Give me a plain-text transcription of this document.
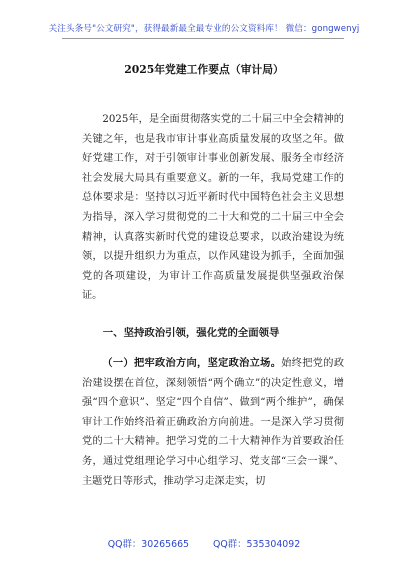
关注头条号"公文研究"，获得最新最全最专业的公文资料库！ 微信：gongwenyj
2025年党建工作要点（审计局）

2025年，是全面贯彻落实党的二十届三中全会精神的关键之年，也是我市审计事业高质量发展的攻坚之年。做好党建工作，对于引领审计事业创新发展、服务全市经济社会发展大局具有重要意义。新的一年，我局党建工作的总体要求是：坚持以习近平新时代中国特色社会主义思想为指导，深入学习贯彻党的二十大和党的二十届三中全会精神，认真落实新时代党的建设总要求，以政治建设为统领，以提升组织力为重点，以作风建设为抓手，全面加强党的各项建设，为审计工作高质量发展提供坚强政治保证。

一、坚持政治引领，强化党的全面领导

（一）把牢政治方向，坚定政治立场。始终把党的政治建设摆在首位，深刻领悟“两个确立”的决定性意义，增强“四个意识”、坚定“四个自信”、做到“两个维护”，确保审计工作始终沿着正确政治方向前进。一是深入学习贯彻党的二十大精神。把学习党的二十大精神作为首要政治任务，通过党组理论学习中心组学习、党支部“三会一课”、主题党日等形式，推动学习走深走实，切

QQ群：30265665	QQ群：535304092
